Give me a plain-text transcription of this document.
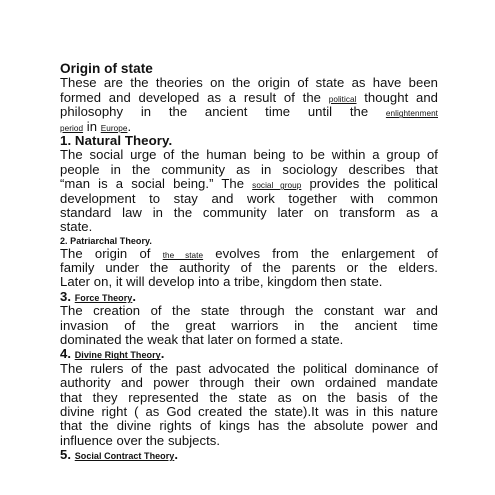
Origin of state
These are the theories on the origin of state as have been
formed and developed as a result of the political thought and
philosophy in the ancient time until the enlightenment
period in Europe.
1. Natural Theory.
The social urge of the human being to be within a group of
people in the community as in sociology describes that
“man is a social being.” The social group provides the political
development to stay and work together with common
standard law in the community later on transform as a
state.
2. Patriarchal Theory.
The origin of the state evolves from the enlargement of
family under the authority of the parents or the elders.
Later on, it will develop into a tribe, kingdom then state.
3. Force Theory.
The creation of the state through the constant war and
invasion of the great warriors in the ancient time
dominated the weak that later on formed a state.
4. Divine Right Theory.
The rulers of the past advocated the political dominance of
authority and power through their own ordained mandate
that they represented the state as on the basis of the
divine right ( as God created the state).It was in this nature
that the divine rights of kings has the absolute power and
influence over the subjects.
5. Social Contract Theory.
